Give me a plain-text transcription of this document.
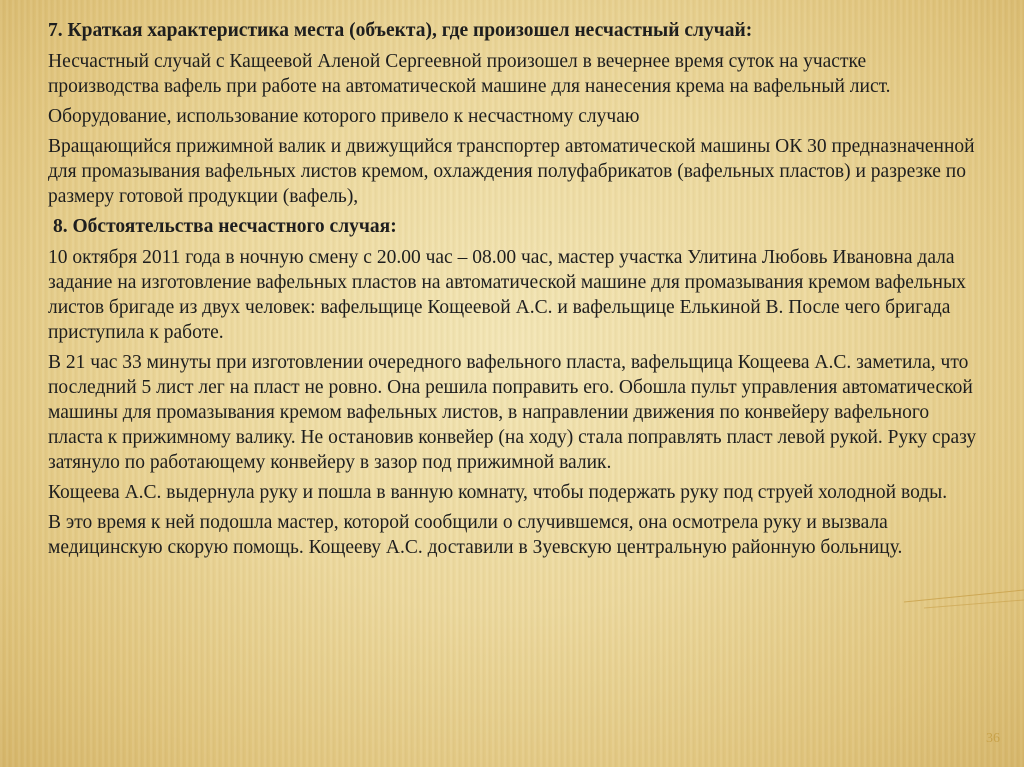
7. Краткая характеристика места (объекта), где произошел несчастный случай:

Несчастный случай с Кащеевой Аленой Сергеевной произошел в вечернее время суток на участке производства вафель при работе на автоматической машине для нанесения крема на вафельный лист.

Оборудование, использование которого привело к несчастному случаю

Вращающийся прижимной валик и движущийся транспортер автоматической машины ОК 30 предназначенной для промазывания вафельных листов кремом, охлаждения полуфабрикатов (вафельных пластов) и разрезке по размеру готовой продукции (вафель),

8. Обстоятельства несчастного случая:

10 октября 2011 года в ночную смену с 20.00 час – 08.00 час, мастер участка Улитина Любовь Ивановна дала задание на изготовление вафельных пластов на автоматической машине для промазывания кремом вафельных листов бригаде из двух человек: вафельщице Кощеевой А.С. и вафельщице Елькиной В. После чего бригада приступила к работе.

В 21 час 33 минуты при изготовлении очередного вафельного пласта, вафельщица Кощеева А.С. заметила, что последний 5 лист лег на пласт не ровно. Она решила поправить его. Обошла пульт управления автоматической машины для промазывания кремом вафельных листов, в направлении движения по конвейеру вафельного пласта к прижимному валику. Не остановив конвейер (на ходу) стала поправлять пласт левой рукой. Руку сразу затянуло по работающему конвейеру в зазор под прижимной валик.

Кощеева А.С. выдернула руку и пошла в ванную комнату, чтобы подержать руку под струей холодной воды.

В это время к ней подошла мастер, которой сообщили о случившемся, она осмотрела руку и вызвала медицинскую скорую помощь. Кощееву А.С. доставили в Зуевскую центральную районную больницу.

36
